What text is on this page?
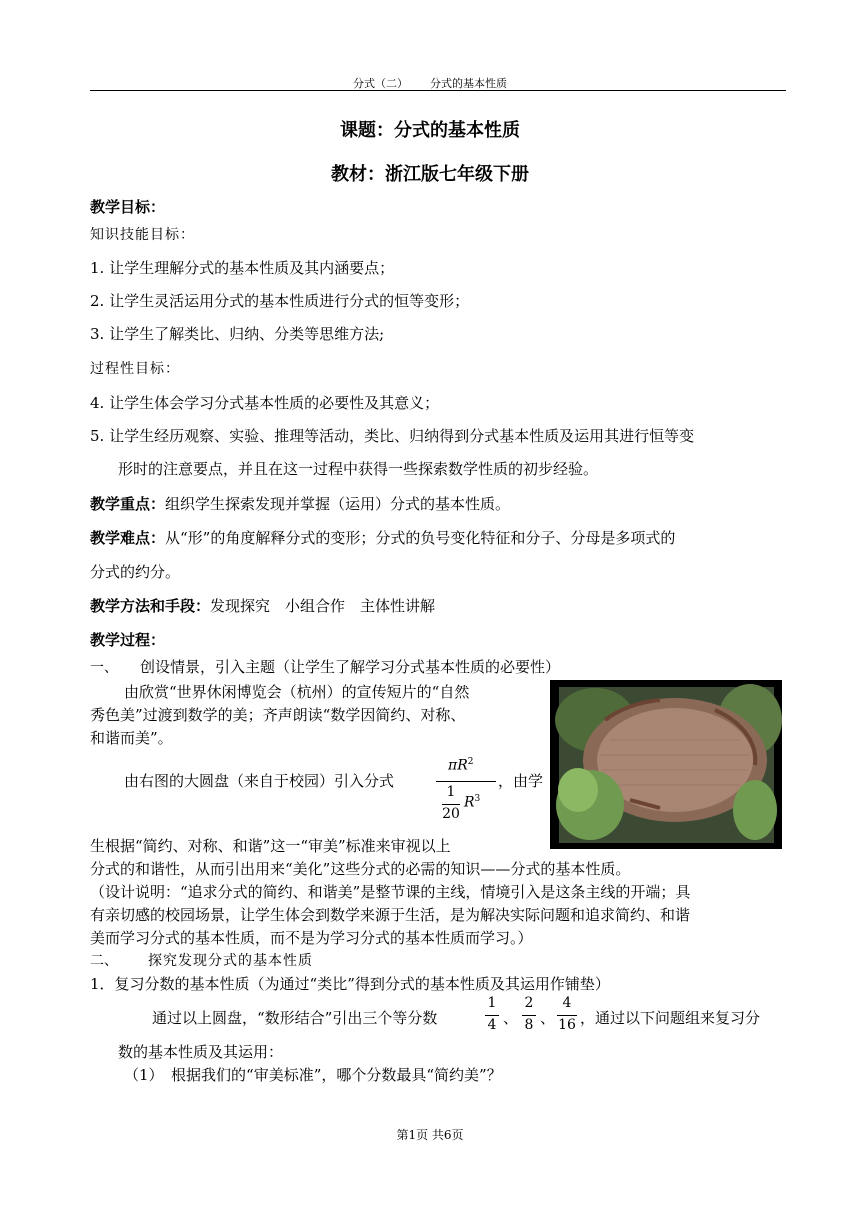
分式（二） 分式的基本性质
课题：分式的基本性质
教材：浙江版七年级下册
教学目标：
知识技能目标：
1. 让学生理解分式的基本性质及其内涵要点；
2. 让学生灵活运用分式的基本性质进行分式的恒等变形；
3. 让学生了解类比、归纳、分类等思维方法;
过程性目标：
4. 让学生体会学习分式基本性质的必要性及其意义；
5. 让学生经历观察、实验、推理等活动，类比、归纳得到分式基本性质及运用其进行恒等变
形时的注意要点，并且在这一过程中获得一些探索数学性质的初步经验。
教学重点：组织学生探索发现并掌握（运用）分式的基本性质。
教学难点：从“形”的角度解释分式的变形；分式的负号变化特征和分子、分母是多项式的
分式的约分。
教学方法和手段：发现探究　小组合作　主体性讲解
教学过程：
一、 创设情景，引入主题（让学生了解学习分式基本性质的必要性）
由欣赏“世界休闲博览会（杭州）的宣传短片的“自然
秀色美”过渡到数学的美；齐声朗读“数学因简约、对称、
和谐而美”。
由右图的大圆盘（来自于校园）引入分式
$\pi R^2$
1
20
$R^3$
，由学
生根据“简约、对称、和谐”这一“审美”标准来审视以上
分式的和谐性，从而引出用来“美化”这些分式的必需的知识——分式的基本性质。
（设计说明：“追求分式的简约、和谐美”是整节课的主线，情境引入是这条主线的开端；具
有亲切感的校园场景，让学生体会到数学来源于生活，是为解决实际问题和追求简约、和谐
美而学习分式的基本性质，而不是为学习分式的基本性质而学习。）
二、 探究发现分式的基本性质
1．复习分数的基本性质（为通过“类比”得到分式的基本性质及其运用作铺垫）
通过以上圆盘，“数形结合”引出三个等分数
1
4 、
2
8 、
4
16 ，通过以下问题组来复习分
数的基本性质及其运用：
（1）　根据我们的“审美标准”，哪个分数最具“简约美”？
第1页 共6页
